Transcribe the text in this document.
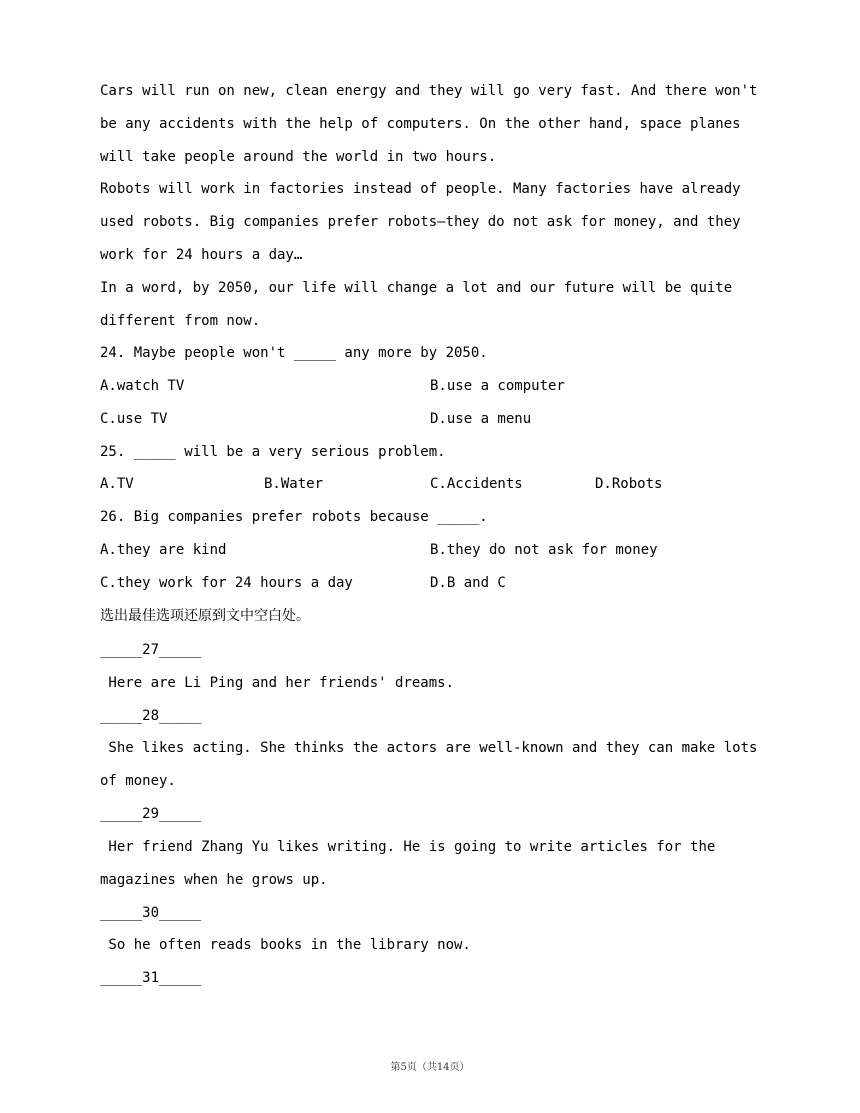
Cars will run on new, clean energy and they will go very fast. And there won't
be any accidents with the help of computers. On the other hand, space planes
will take people around the world in two hours.
Robots will work in factories instead of people. Many factories have already
used robots. Big companies prefer robots—they do not ask for money, and they
work for 24 hours a day…
In a word, by 2050, our life will change a lot and our future will be quite
different from now.
24. Maybe people won't _____ any more by 2050.
A.watch TV	B.use a computer
C.use TV	D.use a menu
25. _____ will be a very serious problem.
A.TV	B.Water	C.Accidents	D.Robots
26. Big companies prefer robots because _____.
A.they are kind	B.they do not ask for money
C.they work for 24 hours a day	D.B and C
选出最佳选项还原到文中空白处。
_____27_____
Here are Li Ping and her friends' dreams.
_____28_____
She likes acting. She thinks the actors are well-known and they can make lots
of money.
_____29_____
Her friend Zhang Yu likes writing. He is going to write articles for the
magazines when he grows up.
_____30_____
So he often reads books in the library now.
_____31_____
第5页（共14页）
